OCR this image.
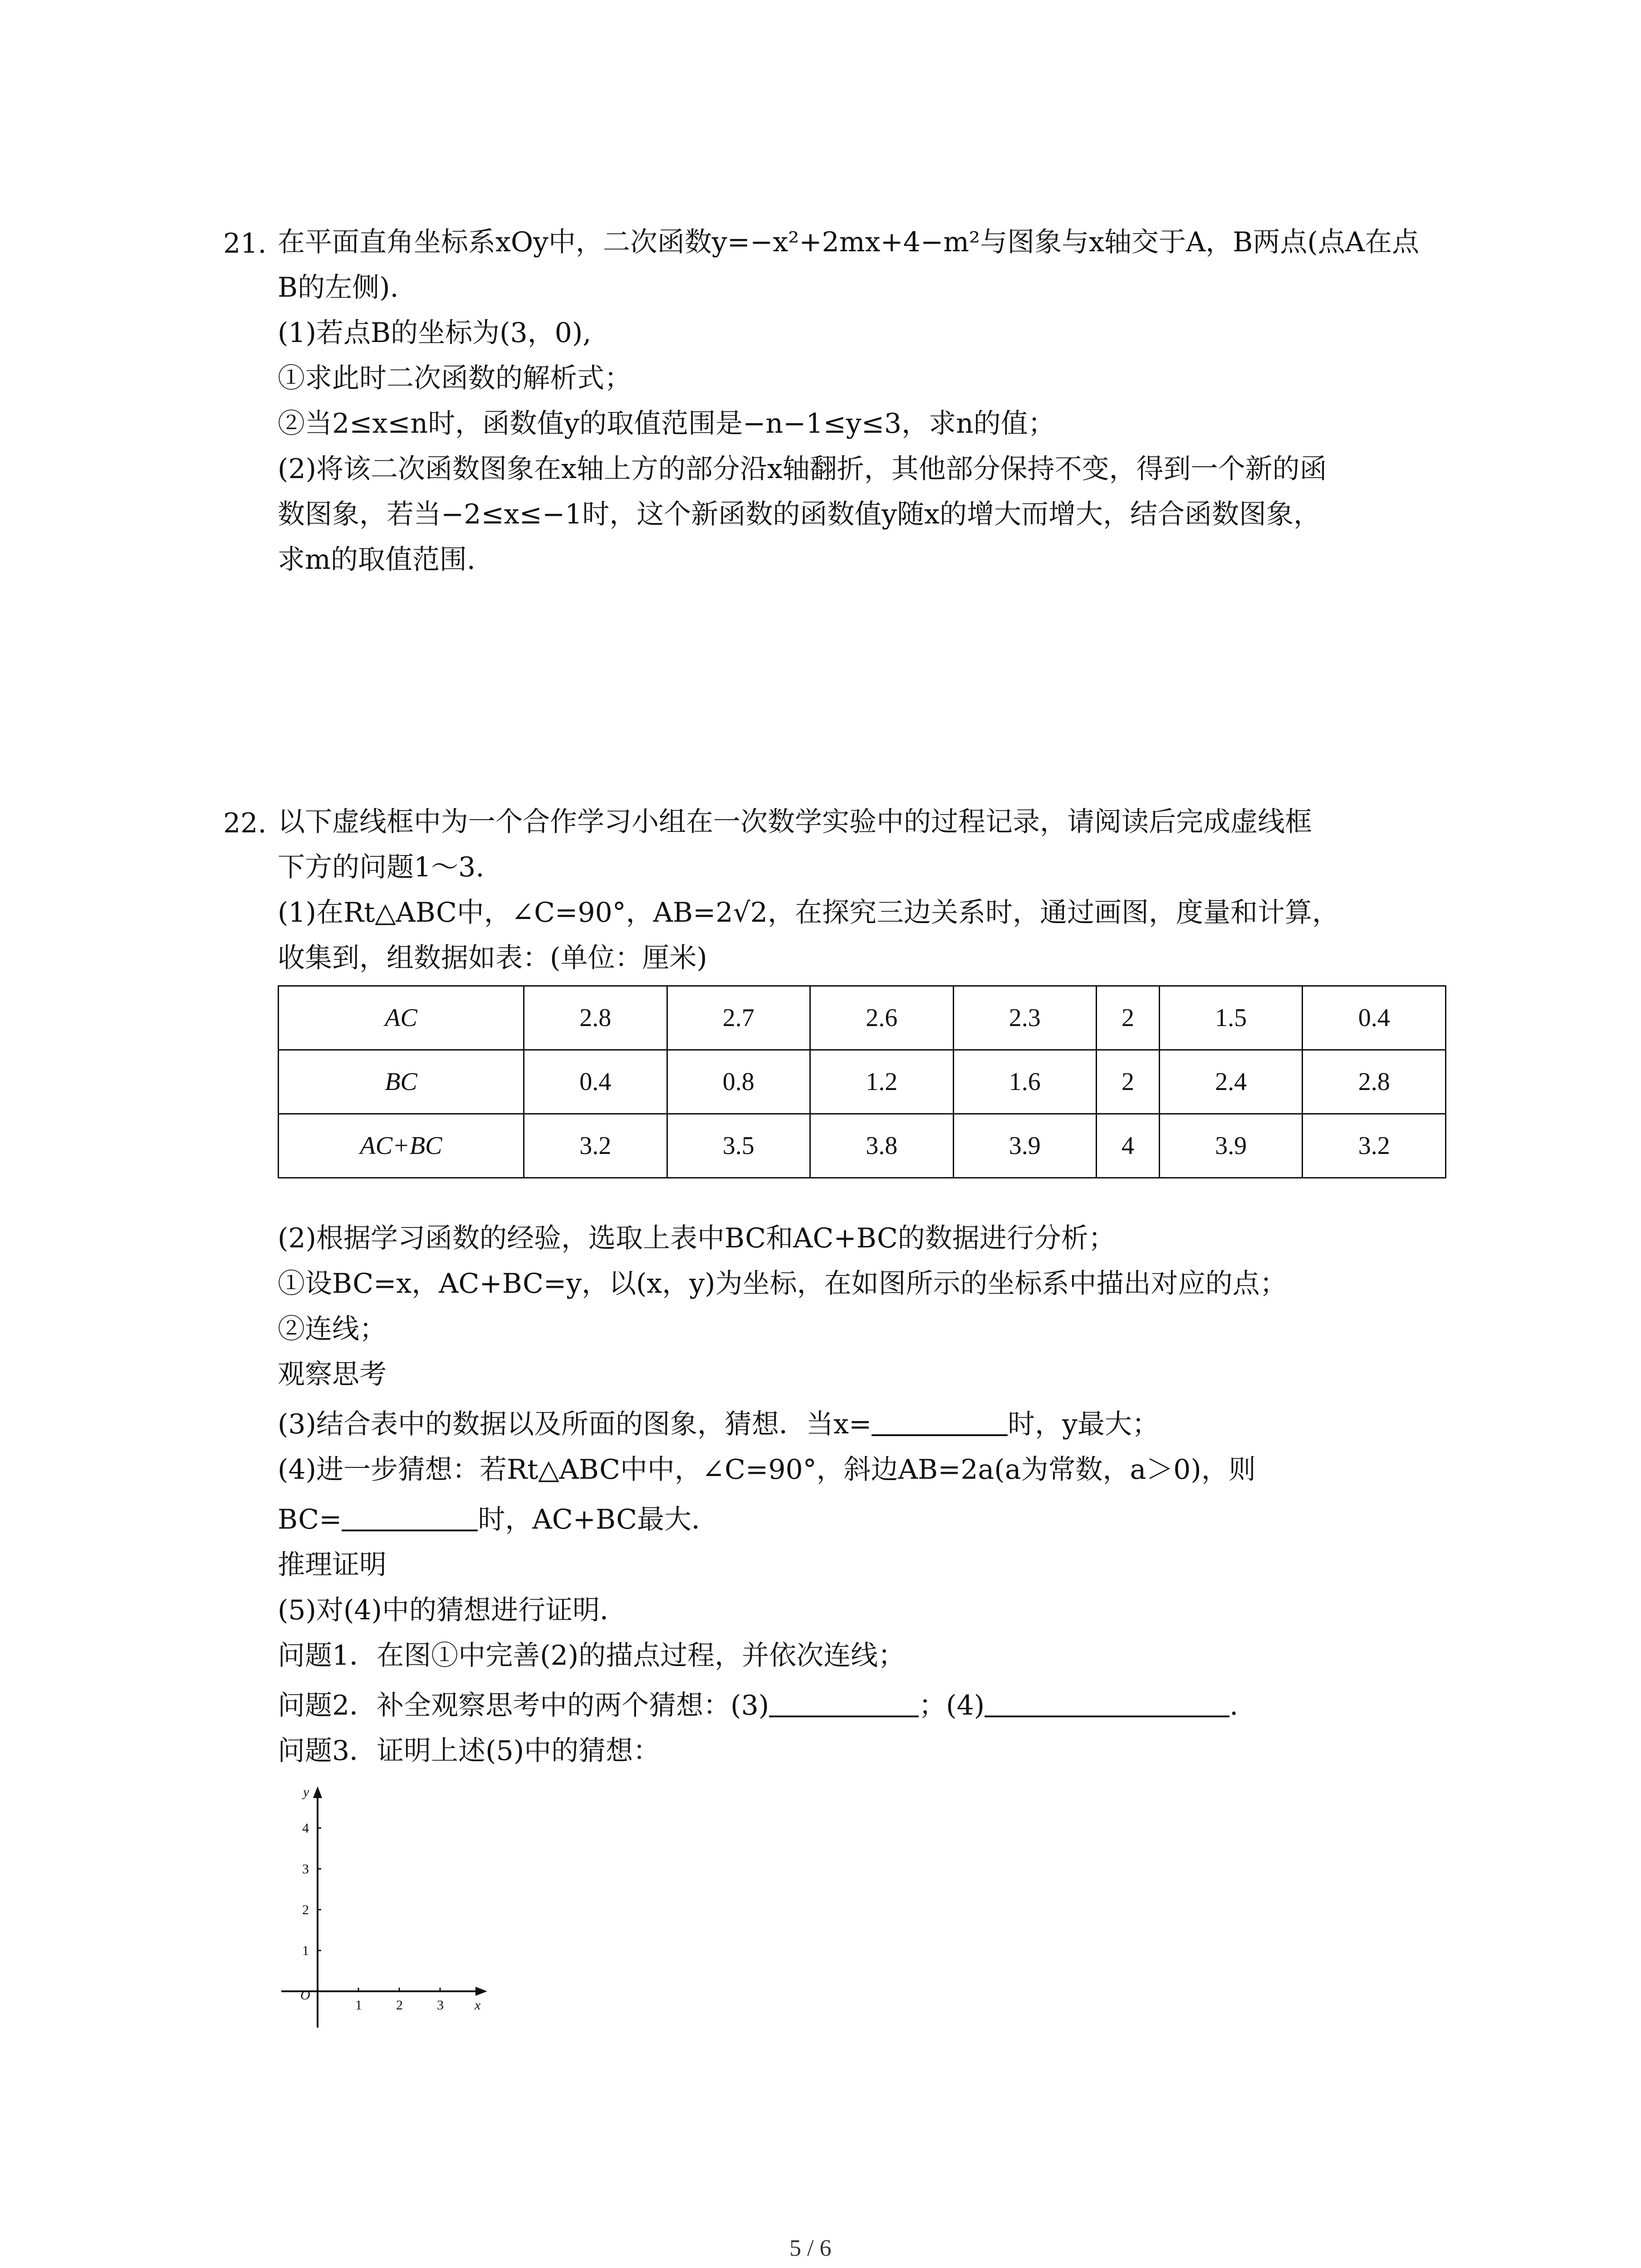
21. 在平面直角坐标系xOy中，二次函数y=−x²+2mx+4−m²与图象与x轴交于A，B两点(点A在点
B的左侧).
(1)若点B的坐标为(3，0),
①求此时二次函数的解析式；
②当2≤x≤n时，函数值y的取值范围是−n−1≤y≤3，求n的值；
(2)将该二次函数图象在x轴上方的部分沿x轴翻折，其他部分保持不变，得到一个新的函
数图象，若当−2≤x≤−1时，这个新函数的函数值y随x的增大而增大，结合函数图象，
求m的取值范围.
22. 以下虚线框中为一个合作学习小组在一次数学实验中的过程记录，请阅读后完成虚线框
下方的问题1～3.
(1)在Rt△ABC中，∠C=90°，AB=2√2，在探究三边关系时，通过画图，度量和计算，
收集到，组数据如表：(单位：厘米)
AC	2.8	2.7	2.6	2.3	2	1.5	0.4
BC	0.4	0.8	1.2	1.6	2	2.4	2.8
AC+BC	3.2	3.5	3.8	3.9	4	3.9	3.2
(2)根据学习函数的经验，选取上表中BC和AC+BC的数据进行分析；
①设BC=x，AC+BC=y，以(x，y)为坐标，在如图所示的坐标系中描出对应的点；
②连线；
观察思考
(3)结合表中的数据以及所面的图象，猜想．当x=	时，y最大；
(4)进一步猜想：若Rt△ABC中中，∠C=90°，斜边AB=2a(a为常数，a＞0)，则
BC=	时，AC+BC最大．
推理证明
(5)对(4)中的猜想进行证明．
问题1．在图①中完善(2)的描点过程，并依次连线；
问题2．补全观察思考中的两个猜想：(3)	；(4)	.
问题3．证明上述(5)中的猜想：
1	2	3
1
2
3
4
O
x
y
5 / 6
